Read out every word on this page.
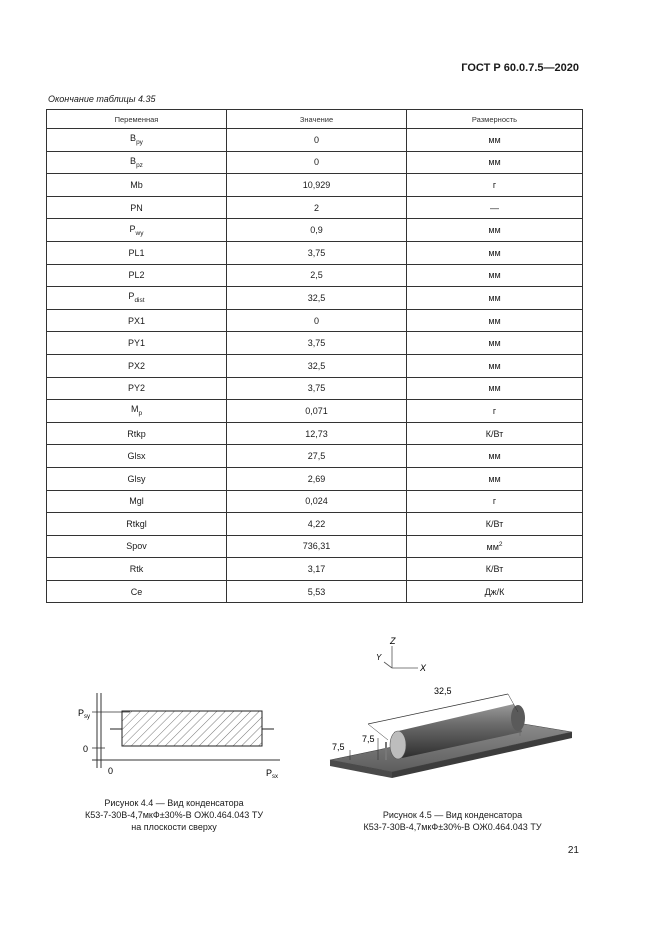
ГОСТ Р 60.0.7.5—2020
Окончание таблицы 4.35
Переменная	Значение	Размерность
$B_{py}$	0	мм
$B_{pz}$	0	мм
Mb	10,929	г
PN	2	—
$P_{wy}$	0,9	мм
PL1	3,75	мм
PL2	2,5	мм
$P_{dist}$	32,5	мм
PX1	0	мм
PY1	3,75	мм
PX2	32,5	мм
PY2	3,75	мм
$M_p$	0,071	г
Rtkp	12,73	К/Вт
Glsx	27,5	мм
Glsy	2,69	мм
Mgl	0,024	г
Rtkgl	4,22	К/Вт
Spov	736,31	$мм^2$
Rtk	3,17	К/Вт
Ce	5,53	Дж/К
$P_{sy}$
0
0	$P_{sx}$
Рисунок 4.4 — Вид конденсатора
К53-7-30В-4,7мкФ±30%-В ОЖ0.464.043 ТУ
на плоскости сверху
Z
Y
X
32,5
7,5
7,5
Рисунок 4.5 — Вид конденсатора
К53-7-30В-4,7мкФ±30%-В ОЖ0.464.043 ТУ
21
